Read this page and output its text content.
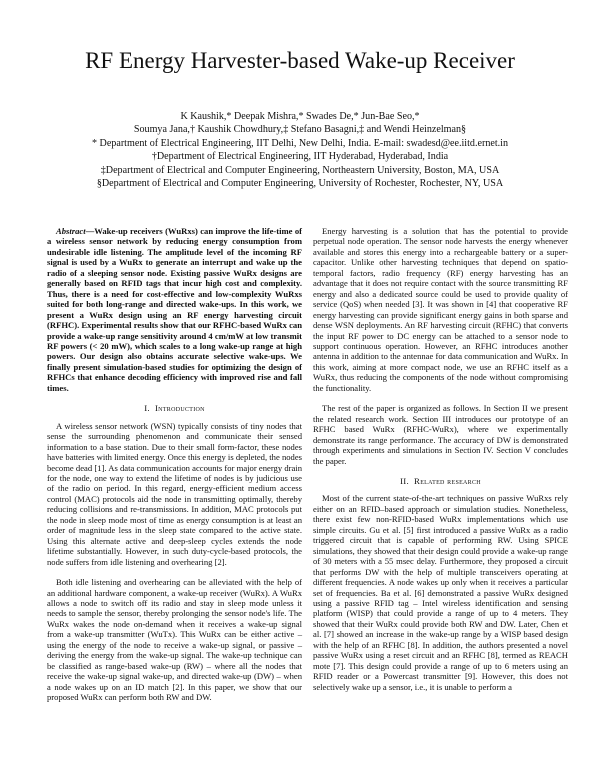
RF Energy Harvester-based Wake-up Receiver
K Kaushik,* Deepak Mishra,* Swades De,* Jun-Bae Seo,*
Soumya Jana,† Kaushik Chowdhury,‡ Stefano Basagni,‡ and Wendi Heinzelman§
* Department of Electrical Engineering, IIT Delhi, New Delhi, India. E-mail: swadesd@ee.iitd.ernet.in
†Department of Electrical Engineering, IIT Hyderabad, Hyderabad, India
‡Department of Electrical and Computer Engineering, Northeastern University, Boston, MA, USA
§Department of Electrical and Computer Engineering, University of Rochester, Rochester, NY, USA

Abstract—Wake-up receivers (WuRxs) can improve the life-time of a wireless sensor network by reducing energy consumption from undesirable idle listening. The amplitude level of the incoming RF signal is used by a WuRx to generate an interrupt and wake up the radio of a sleeping sensor node. Existing passive WuRx designs are generally based on RFID tags that incur high cost and complexity. Thus, there is a need for cost-effective and low-complexity WuRxs suited for both long-range and directed wake-ups. In this work, we present a WuRx design using an RF energy harvesting circuit (RFHC). Experimental results show that our RFHC-based WuRx can provide a wake-up range sensitivity around 4 cm/mW at low transmit RF powers (< 20 mW), which scales to a long wake-up range at high powers. Our design also obtains accurate selective wake-ups. We finally present simulation-based studies for optimizing the design of RFHCs that enhance decoding efficiency with improved rise and fall times.

I. Introduction

A wireless sensor network (WSN) typically consists of tiny nodes that sense the surrounding phenomenon and communicate their sensed information to a base station. Due to their small form-factor, these nodes have batteries with limited energy. Once this energy is depleted, the nodes become dead [1]. As data communication accounts for major energy drain for the node, one way to extend the lifetime of nodes is by judicious use of the radio on period. In this regard, energy-efficient medium access control (MAC) protocols aid the node in transmitting optimally, thereby reducing collisions and re-transmissions. In addition, MAC protocols put the node in sleep mode most of time as energy consumption is at least an order of magnitude less in the sleep state compared to the active state. Using this alternate active and deep-sleep cycles extends the node lifetime substantially. However, in such duty-cycle-based protocols, the node suffers from idle listening and overhearing [2].

Both idle listening and overhearing can be alleviated with the help of an additional hardware component, a wake-up receiver (WuRx). A WuRx allows a node to switch off its radio and stay in sleep mode unless it needs to sample the sensor, thereby prolonging the sensor node's life. The WuRx wakes the node on-demand when it receives a wake-up signal from a wake-up transmitter (WuTx). This WuRx can be either active – using the energy of the node to receive a wake-up signal, or passive – deriving the energy from the wake-up signal. The wake-up technique can be classified as range-based wake-up (RW) – where all the nodes that receive the wake-up signal wake-up, and directed wake-up (DW) – when a node wakes up on an ID match [2]. In this paper, we show that our proposed WuRx can perform both RW and DW.

Energy harvesting is a solution that has the potential to provide perpetual node operation. The sensor node harvests the energy whenever available and stores this energy into a rechargeable battery or a super-capacitor. Unlike other harvesting techniques that depend on spatio-temporal factors, radio frequency (RF) energy harvesting has an advantage that it does not require contact with the source transmitting RF energy and also a dedicated source could be used to provide quality of service (QoS) when needed [3]. It was shown in [4] that cooperative RF energy harvesting can provide significant energy gains in both sparse and dense WSN deployments. An RF harvesting circuit (RFHC) that converts the input RF power to DC energy can be attached to a sensor node to support continuous operation. However, an RFHC introduces another antenna in addition to the antennae for data communication and WuRx. In this work, aiming at more compact node, we use an RFHC itself as a WuRx, thus reducing the components of the node without compromising the functionality.

The rest of the paper is organized as follows. In Section II we present the related research work. Section III introduces our prototype of an RFHC based WuRx (RFHC-WuRx), where we experimentally demonstrate its range performance. The accuracy of DW is demonstrated through experiments and simulations in Section IV. Section V concludes the paper.

II. Related research

Most of the current state-of-the-art techniques on passive WuRxs rely either on an RFID–based approach or simulation studies. Nonetheless, there exist few non-RFID-based WuRx implementations which use simple circuits. Gu et al. [5] first introduced a passive WuRx as a radio triggered circuit that is capable of performing RW. Using SPICE simulations, they showed that their design could provide a wake-up range of 30 meters with a 55 msec delay. Furthermore, they proposed a circuit that performs DW with the help of multiple transceivers operating at different frequencies. A node wakes up only when it receives a particular set of frequencies. Ba et al. [6] demonstrated a passive WuRx designed using a passive RFID tag – Intel wireless identification and sensing platform (WISP) that could provide a range of up to 4 meters. They showed that their WuRx could provide both RW and DW. Later, Chen et al. [7] showed an increase in the wake-up range by a WISP based design with the help of an RFHC [8]. In addition, the authors presented a novel passive WuRx using a reset circuit and an RFHC [8], termed as REACH mote [7]. This design could provide a range of up to 6 meters using an RFID reader or a Powercast transmitter [9]. However, this does not selectively wake up a sensor, i.e., it is unable to perform a
